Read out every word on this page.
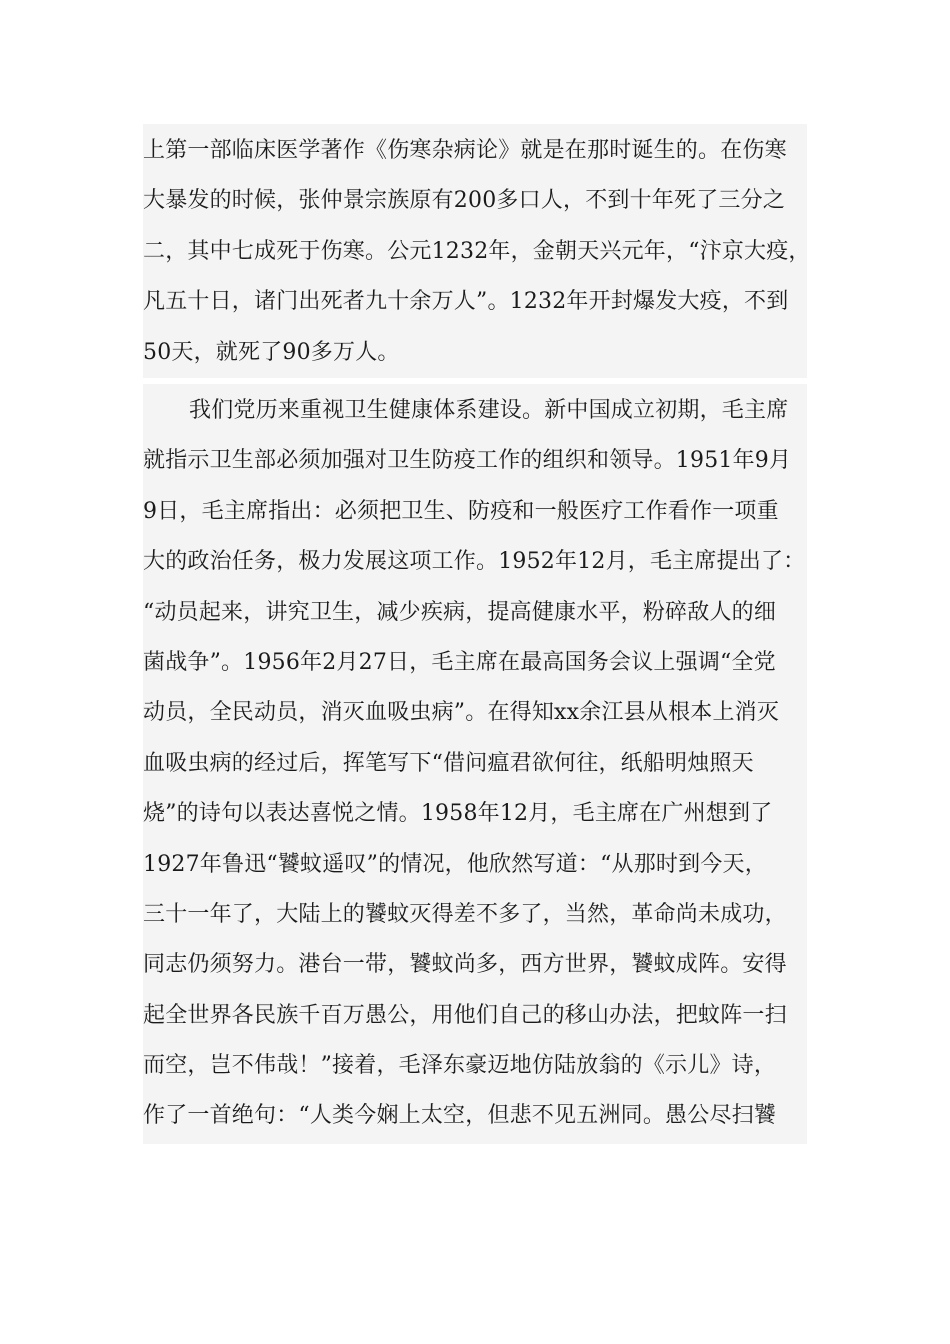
上第一部临床医学著作《伤寒杂病论》就是在那时诞生的。在伤寒
大暴发的时候，张仲景宗族原有200多口人，不到十年死了三分之
二，其中七成死于伤寒。公元1232年，金朝天兴元年，“汴京大疫，
凡五十日，诸门出死者九十余万人”。1232年开封爆发大疫，不到
50天，就死了90多万人。

我们党历来重视卫生健康体系建设。新中国成立初期，毛主席
就指示卫生部必须加强对卫生防疫工作的组织和领导。1951年9月
9日，毛主席指出：必须把卫生、防疫和一般医疗工作看作一项重
大的政治任务，极力发展这项工作。1952年12月，毛主席提出了：
“动员起来，讲究卫生，减少疾病，提高健康水平，粉碎敌人的细
菌战争”。1956年2月27日，毛主席在最高国务会议上强调“全党
动员，全民动员，消灭血吸虫病”。在得知xx余江县从根本上消灭
血吸虫病的经过后，挥笔写下“借问瘟君欲何往，纸船明烛照天
烧”的诗句以表达喜悦之情。1958年12月，毛主席在广州想到了
1927年鲁迅“饕蚊遥叹”的情况，他欣然写道：“从那时到今天，
三十一年了，大陆上的饕蚊灭得差不多了，当然，革命尚未成功，
同志仍须努力。港台一带，饕蚊尚多，西方世界，饕蚊成阵。安得
起全世界各民族千百万愚公，用他们自己的移山办法，把蚊阵一扫
而空，岂不伟哉！”接着，毛泽东豪迈地仿陆放翁的《示儿》诗，
作了一首绝句：“人类今娴上太空，但悲不见五洲同。愚公尽扫饕
